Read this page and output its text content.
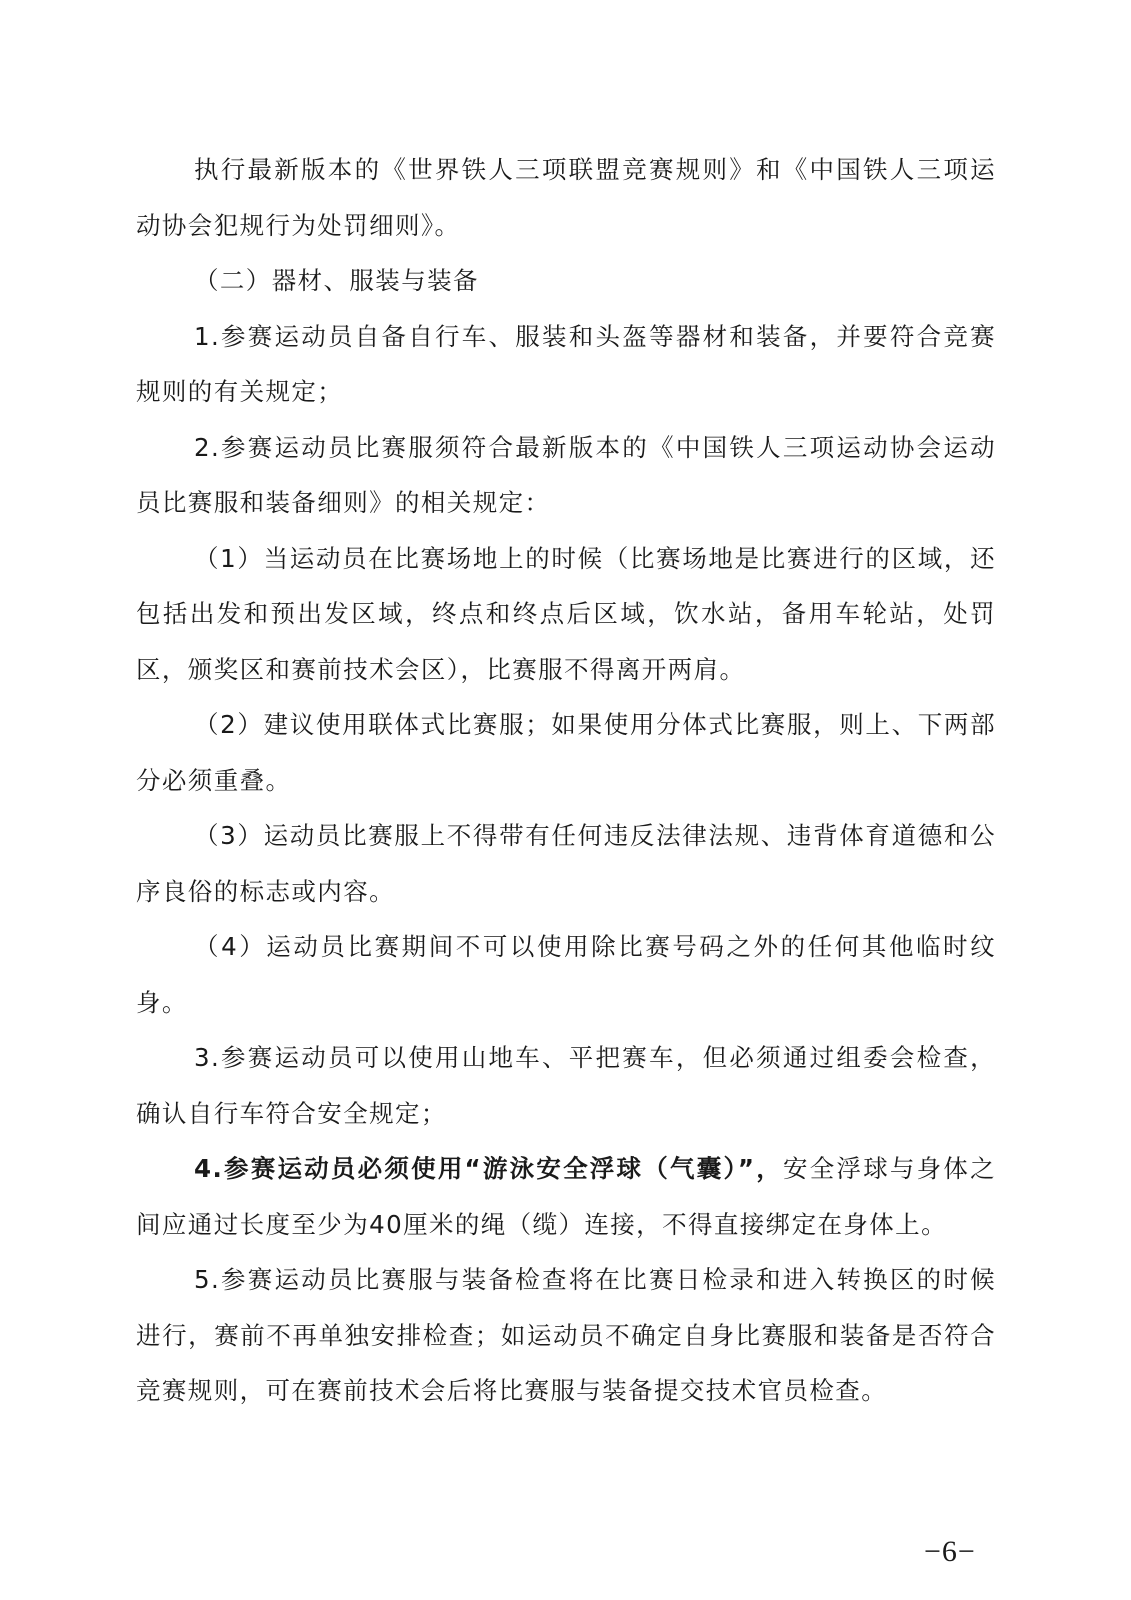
执行最新版本的《世界铁人三项联盟竞赛规则》和《中国铁人三项运动协会犯规行为处罚细则》。

（二）器材、服装与装备

1.参赛运动员自备自行车、服装和头盔等器材和装备，并要符合竞赛规则的有关规定；

2.参赛运动员比赛服须符合最新版本的《中国铁人三项运动协会运动员比赛服和装备细则》的相关规定：

（1）当运动员在比赛场地上的时候（比赛场地是比赛进行的区域，还包括出发和预出发区域，终点和终点后区域，饮水站，备用车轮站，处罚区，颁奖区和赛前技术会区），比赛服不得离开两肩。

（2）建议使用联体式比赛服；如果使用分体式比赛服，则上、下两部分必须重叠。

（3）运动员比赛服上不得带有任何违反法律法规、违背体育道德和公序良俗的标志或内容。

（4）运动员比赛期间不可以使用除比赛号码之外的任何其他临时纹身。

3.参赛运动员可以使用山地车、平把赛车，但必须通过组委会检查，确认自行车符合安全规定；

4.参赛运动员必须使用“游泳安全浮球（气囊）”，安全浮球与身体之间应通过长度至少为40厘米的绳（缆）连接，不得直接绑定在身体上。

5.参赛运动员比赛服与装备检查将在比赛日检录和进入转换区的时候进行，赛前不再单独安排检查；如运动员不确定自身比赛服和装备是否符合竞赛规则，可在赛前技术会后将比赛服与装备提交技术官员检查。

−6−
